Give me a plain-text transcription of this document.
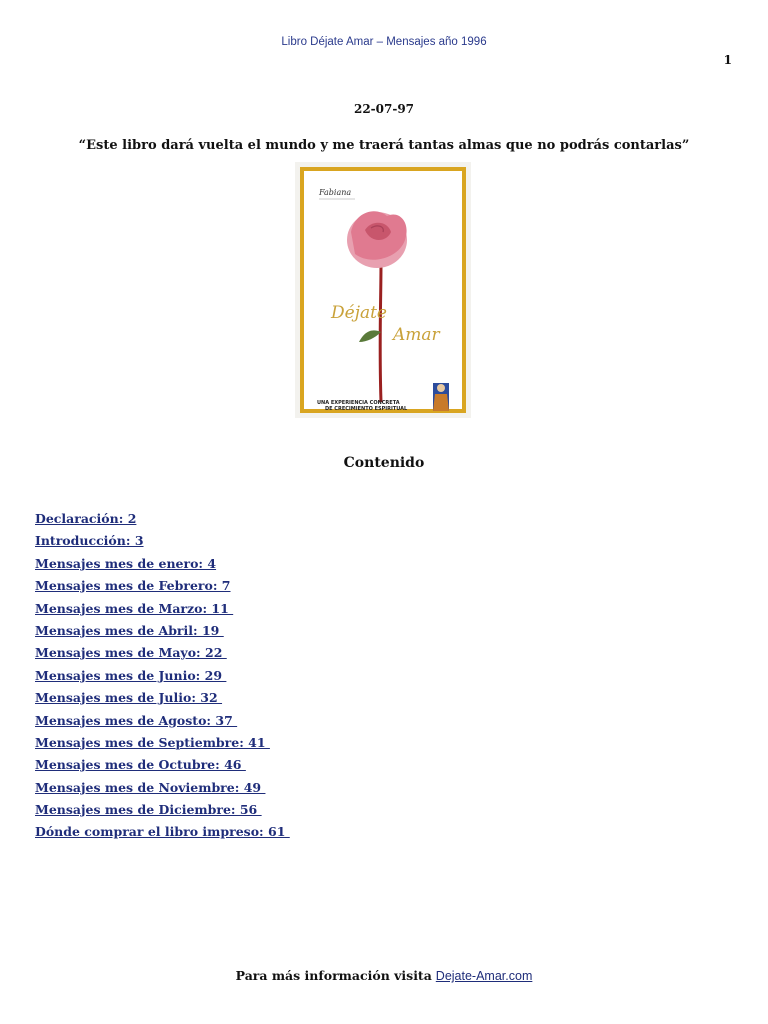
Libro Déjate Amar – Mensajes año 1996
1
22-07-97
“Este libro dará vuelta el mundo y me traerá tantas almas que no podrás contarlas”
Fabiana
Déjate
Amar
UNA EXPERIENCIA CONCRETA
DE CRECIMIENTO ESPIRITUAL
Contenido
Declaración: 2
Introducción: 3
Mensajes mes de enero: 4
Mensajes mes de Febrero: 7
Mensajes mes de Marzo: 11
Mensajes mes de Abril: 19
Mensajes mes de Mayo: 22
Mensajes mes de Junio: 29
Mensajes mes de Julio: 32
Mensajes mes de Agosto: 37
Mensajes mes de Septiembre: 41
Mensajes mes de Octubre: 46
Mensajes mes de Noviembre: 49
Mensajes mes de Diciembre: 56
Dónde comprar el libro impreso: 61
Para más información visita Dejate-Amar.com
